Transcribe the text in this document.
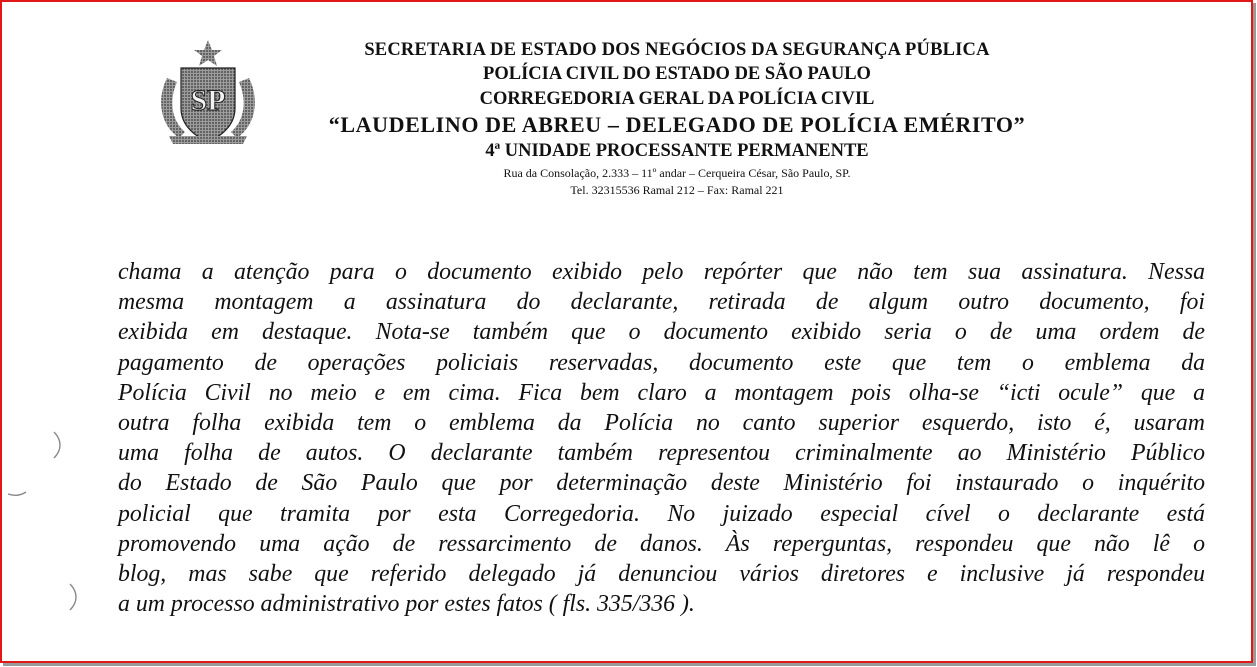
SP
SECRETARIA DE ESTADO DOS NEGÓCIOS DA SEGURANÇA PÚBLICA
POLÍCIA CIVIL DO ESTADO DE SÃO PAULO
CORREGEDORIA GERAL DA POLÍCIA CIVIL
“LAUDELINO DE ABREU – DELEGADO DE POLÍCIA EMÉRITO”
4ª UNIDADE PROCESSANTE PERMANENTE
Rua da Consolação, 2.333 – 11º andar – Cerqueira César, São Paulo, SP.
Tel. 32315536 Ramal 212 – Fax: Ramal 221
chama a atenção para o documento exibido pelo repórter que não tem sua assinatura. Nessa
mesma montagem a assinatura do declarante, retirada de algum outro documento, foi
exibida em destaque. Nota-se também que o documento exibido seria o de uma ordem de
pagamento de operações policiais reservadas, documento este que tem o emblema da
Polícia Civil no meio e em cima. Fica bem claro a montagem pois olha-se “icti ocule” que a
outra folha exibida tem o emblema da Polícia no canto superior esquerdo, isto é, usaram
uma folha de autos. O declarante também representou criminalmente ao Ministério Público
do Estado de São Paulo que por determinação deste Ministério foi instaurado o inquérito
policial que tramita por esta Corregedoria. No juizado especial cível o declarante está
promovendo uma ação de ressarcimento de danos. Às reperguntas, respondeu que não lê o
blog, mas sabe que referido delegado já denunciou vários diretores e inclusive já respondeu
a um processo administrativo por estes fatos ( fls. 335/336 ).
